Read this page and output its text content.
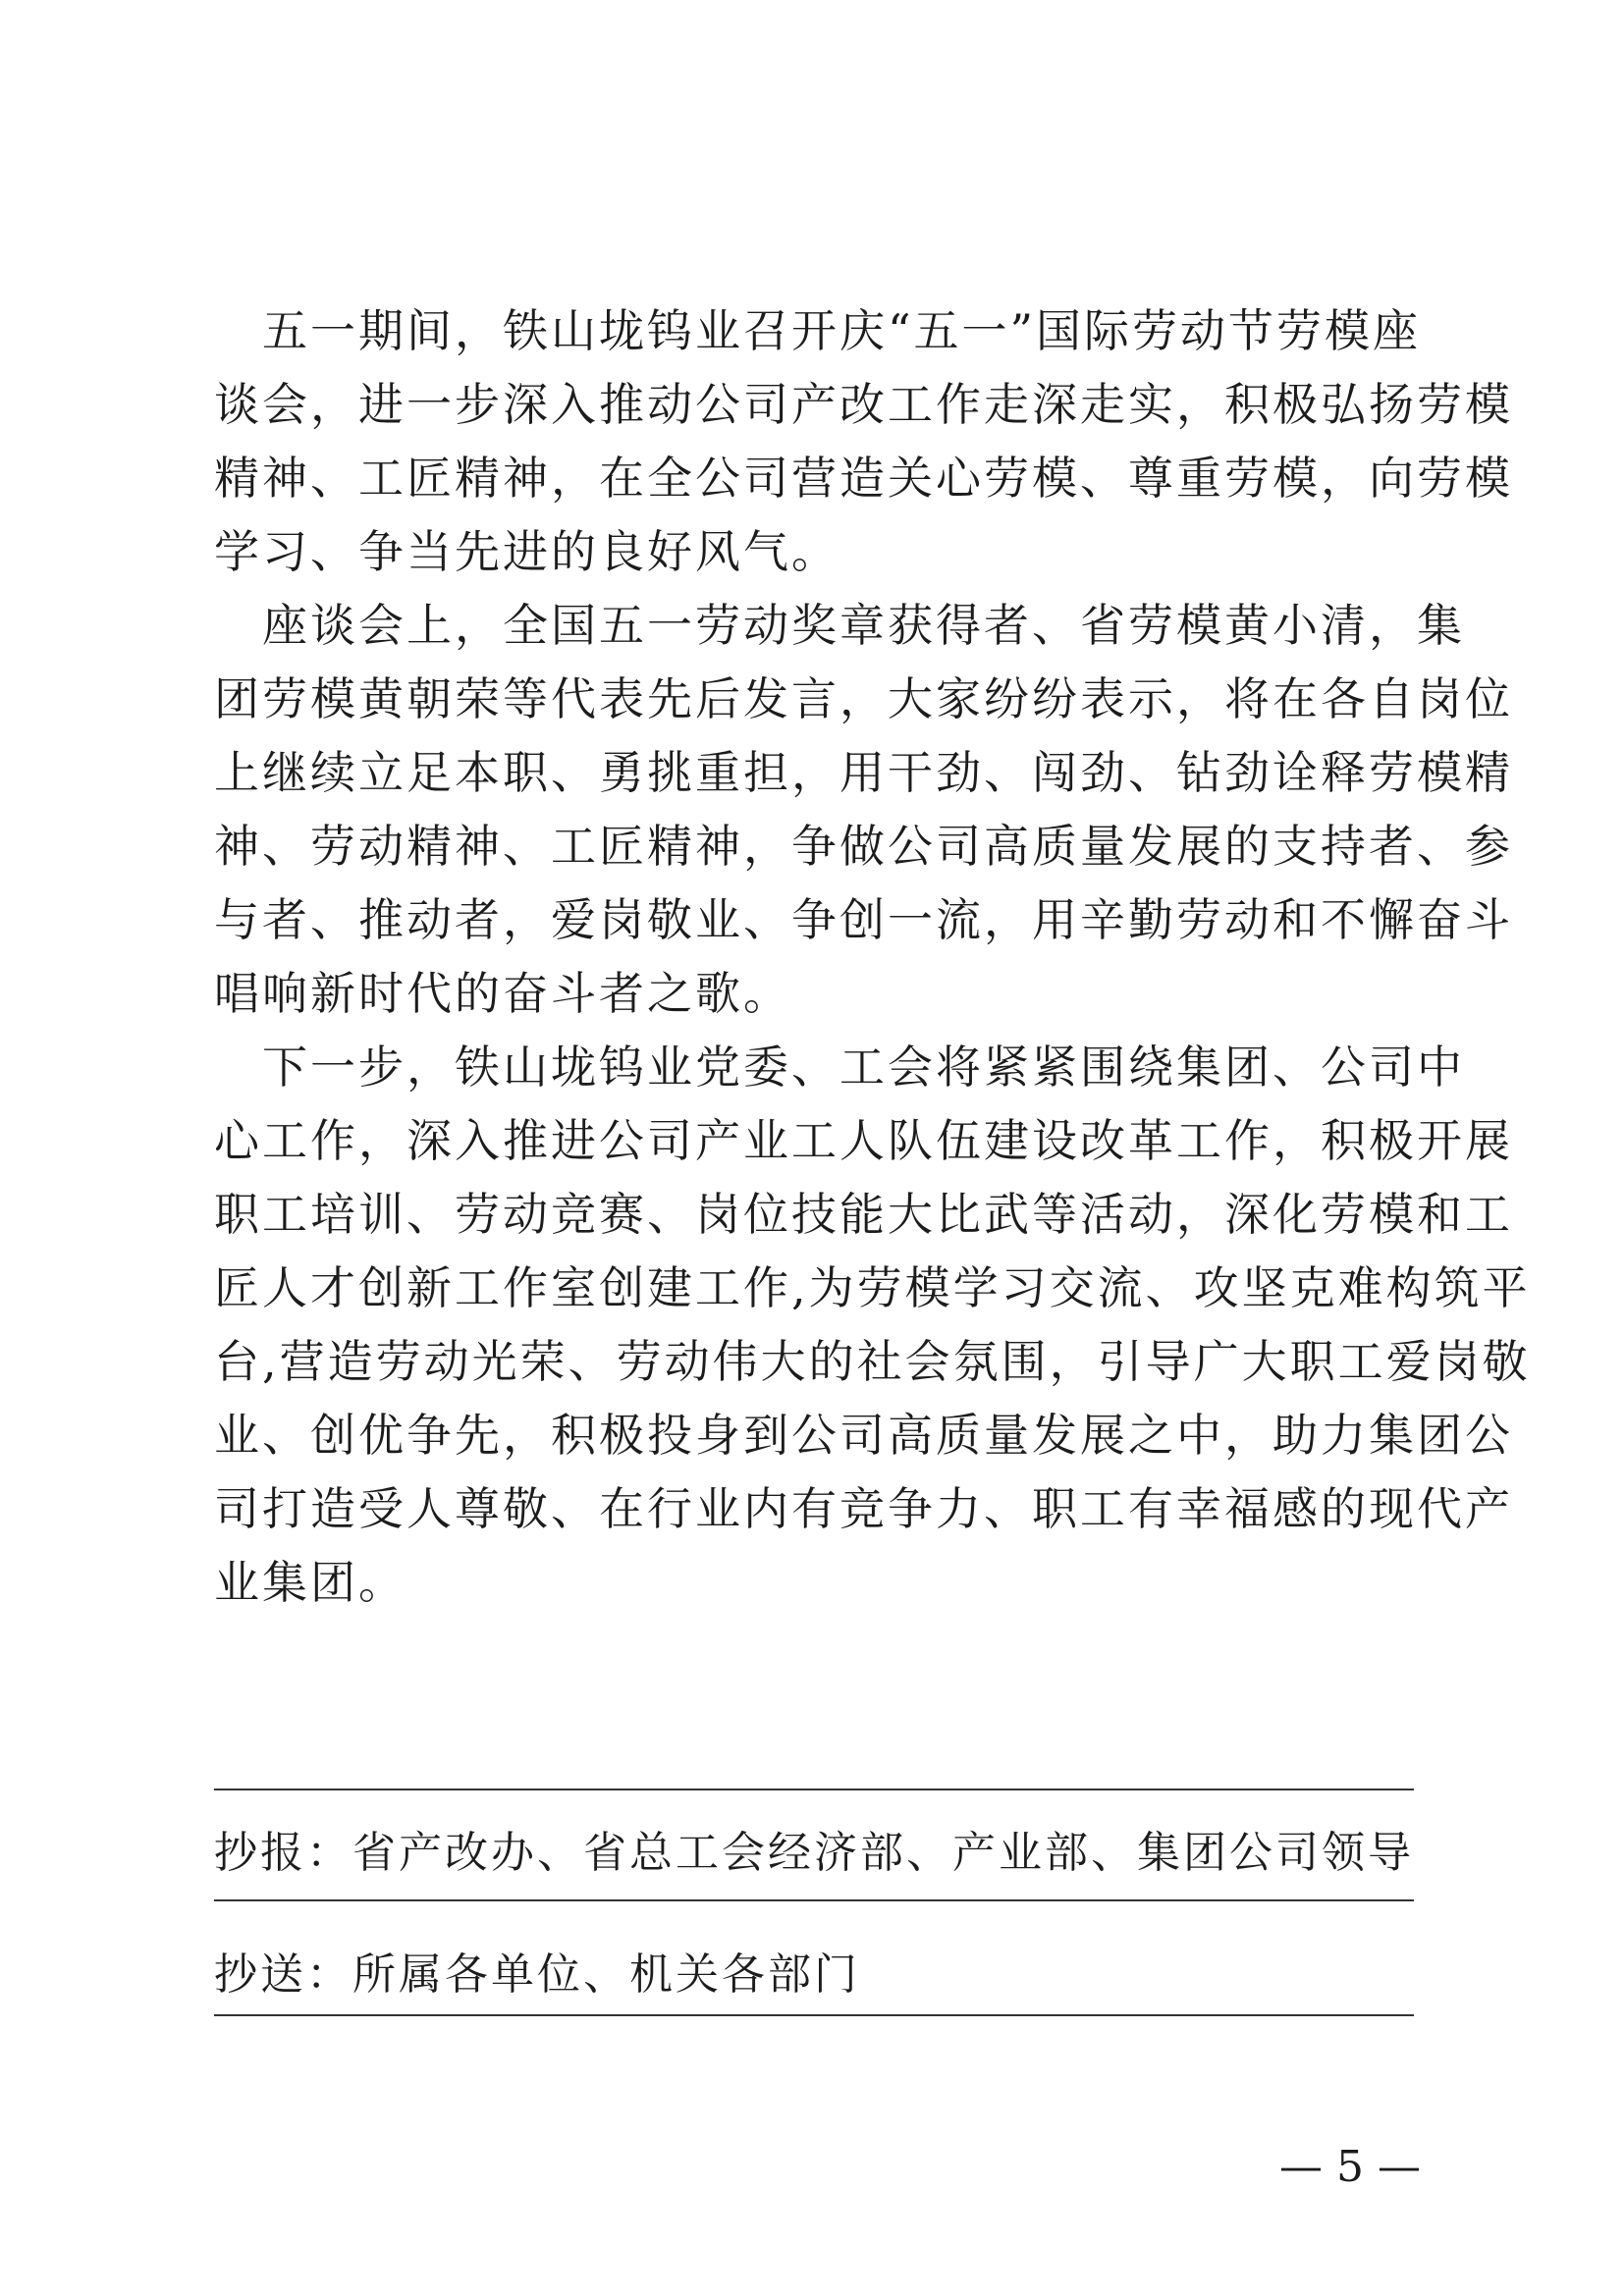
　五一期间，铁山垅钨业召开庆“五一”国际劳动节劳模座
谈会，进一步深入推动公司产改工作走深走实，积极弘扬劳模
精神、工匠精神，在全公司营造关心劳模、尊重劳模，向劳模
学习、争当先进的良好风气。
　座谈会上，全国五一劳动奖章获得者、省劳模黄小清，集
团劳模黄朝荣等代表先后发言，大家纷纷表示，将在各自岗位
上继续立足本职、勇挑重担，用干劲、闯劲、钻劲诠释劳模精
神、劳动精神、工匠精神，争做公司高质量发展的支持者、参
与者、推动者，爱岗敬业、争创一流，用辛勤劳动和不懈奋斗
唱响新时代的奋斗者之歌。
　下一步，铁山垅钨业党委、工会将紧紧围绕集团、公司中
心工作，深入推进公司产业工人队伍建设改革工作，积极开展
职工培训、劳动竞赛、岗位技能大比武等活动，深化劳模和工
匠人才创新工作室创建工作,为劳模学习交流、攻坚克难构筑平
台,营造劳动光荣、劳动伟大的社会氛围，引导广大职工爱岗敬
业、创优争先，积极投身到公司高质量发展之中，助力集团公
司打造受人尊敬、在行业内有竞争力、职工有幸福感的现代产
业集团。
抄报：省产改办、省总工会经济部、产业部、集团公司领导
抄送：所属各单位、机关各部门
— 5 —
